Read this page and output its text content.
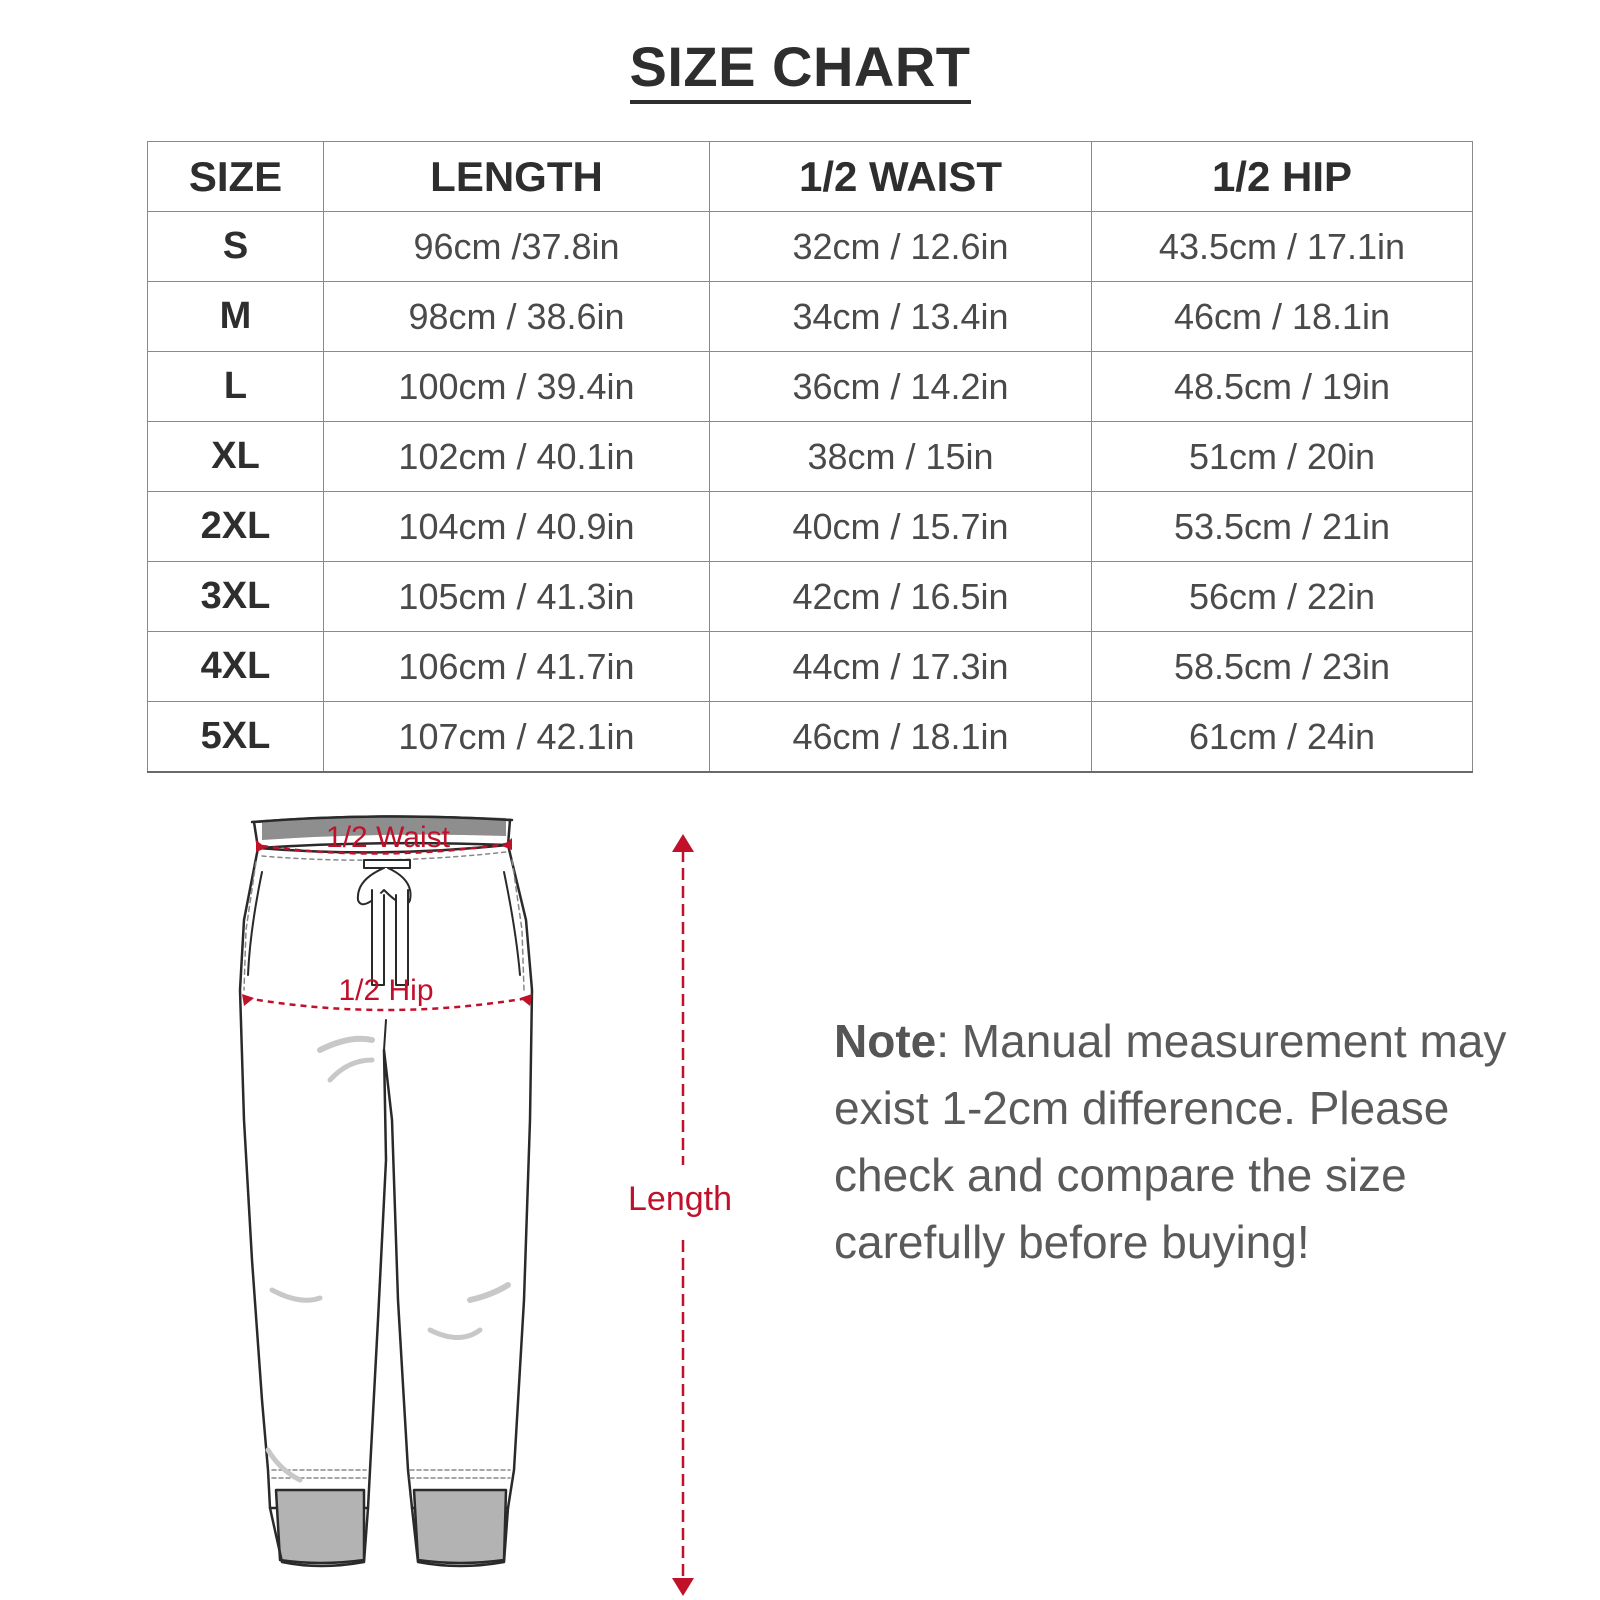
SIZE CHART
SIZE	LENGTH	1/2 WAIST	1/2 HIP
S	96cm /37.8in	32cm / 12.6in	43.5cm / 17.1in
M	98cm / 38.6in	34cm / 13.4in	46cm / 18.1in
L	100cm / 39.4in	36cm / 14.2in	48.5cm / 19in
XL	102cm / 40.1in	38cm / 15in	51cm / 20in
2XL	104cm / 40.9in	40cm / 15.7in	53.5cm / 21in
3XL	105cm / 41.3in	42cm / 16.5in	56cm / 22in
4XL	106cm / 41.7in	44cm / 17.3in	58.5cm / 23in
5XL	107cm / 42.1in	46cm / 18.1in	61cm / 24in
1/2 Waist
1/2 Hip
Length
Note: Manual measurement may exist 1-2cm difference. Please check and compare the size carefully before buying!
